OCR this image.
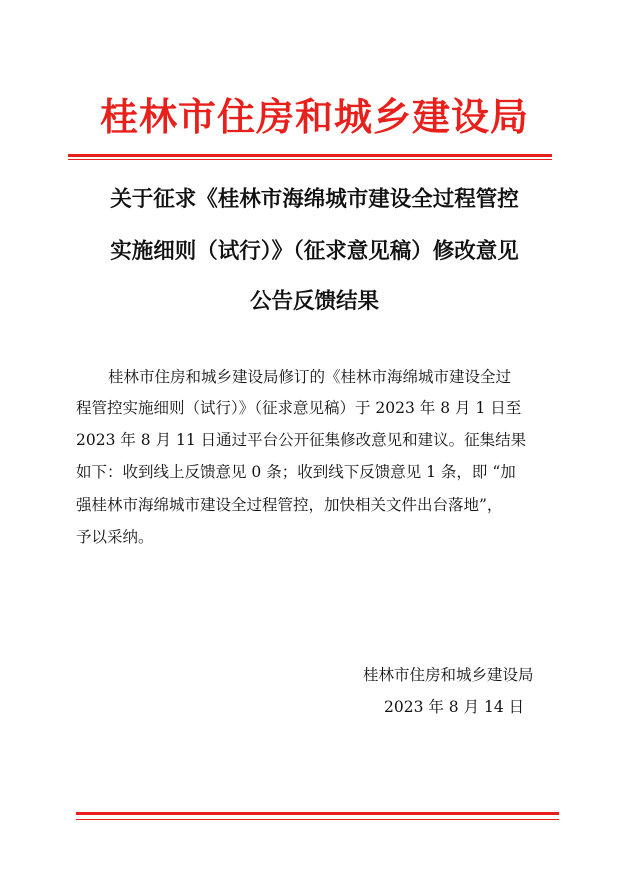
桂林市住房和城乡建设局
关于征求《桂林市海绵城市建设全过程管控
实施细则（试行）》（征求意见稿）修改意见
公告反馈结果
桂林市住房和城乡建设局修订的《桂林市海绵城市建设全过
程管控实施细则（试行）》（征求意见稿）于 2023 年 8 月 1 日至
2023 年 8 月 11 日通过平台公开征集修改意见和建议。征集结果
如下：收到线上反馈意见 0 条；收到线下反馈意见 1 条，即 “加
强桂林市海绵城市建设全过程管控，加快相关文件出台落地”，
予以采纳。
桂林市住房和城乡建设局
2023 年 8 月 14 日
